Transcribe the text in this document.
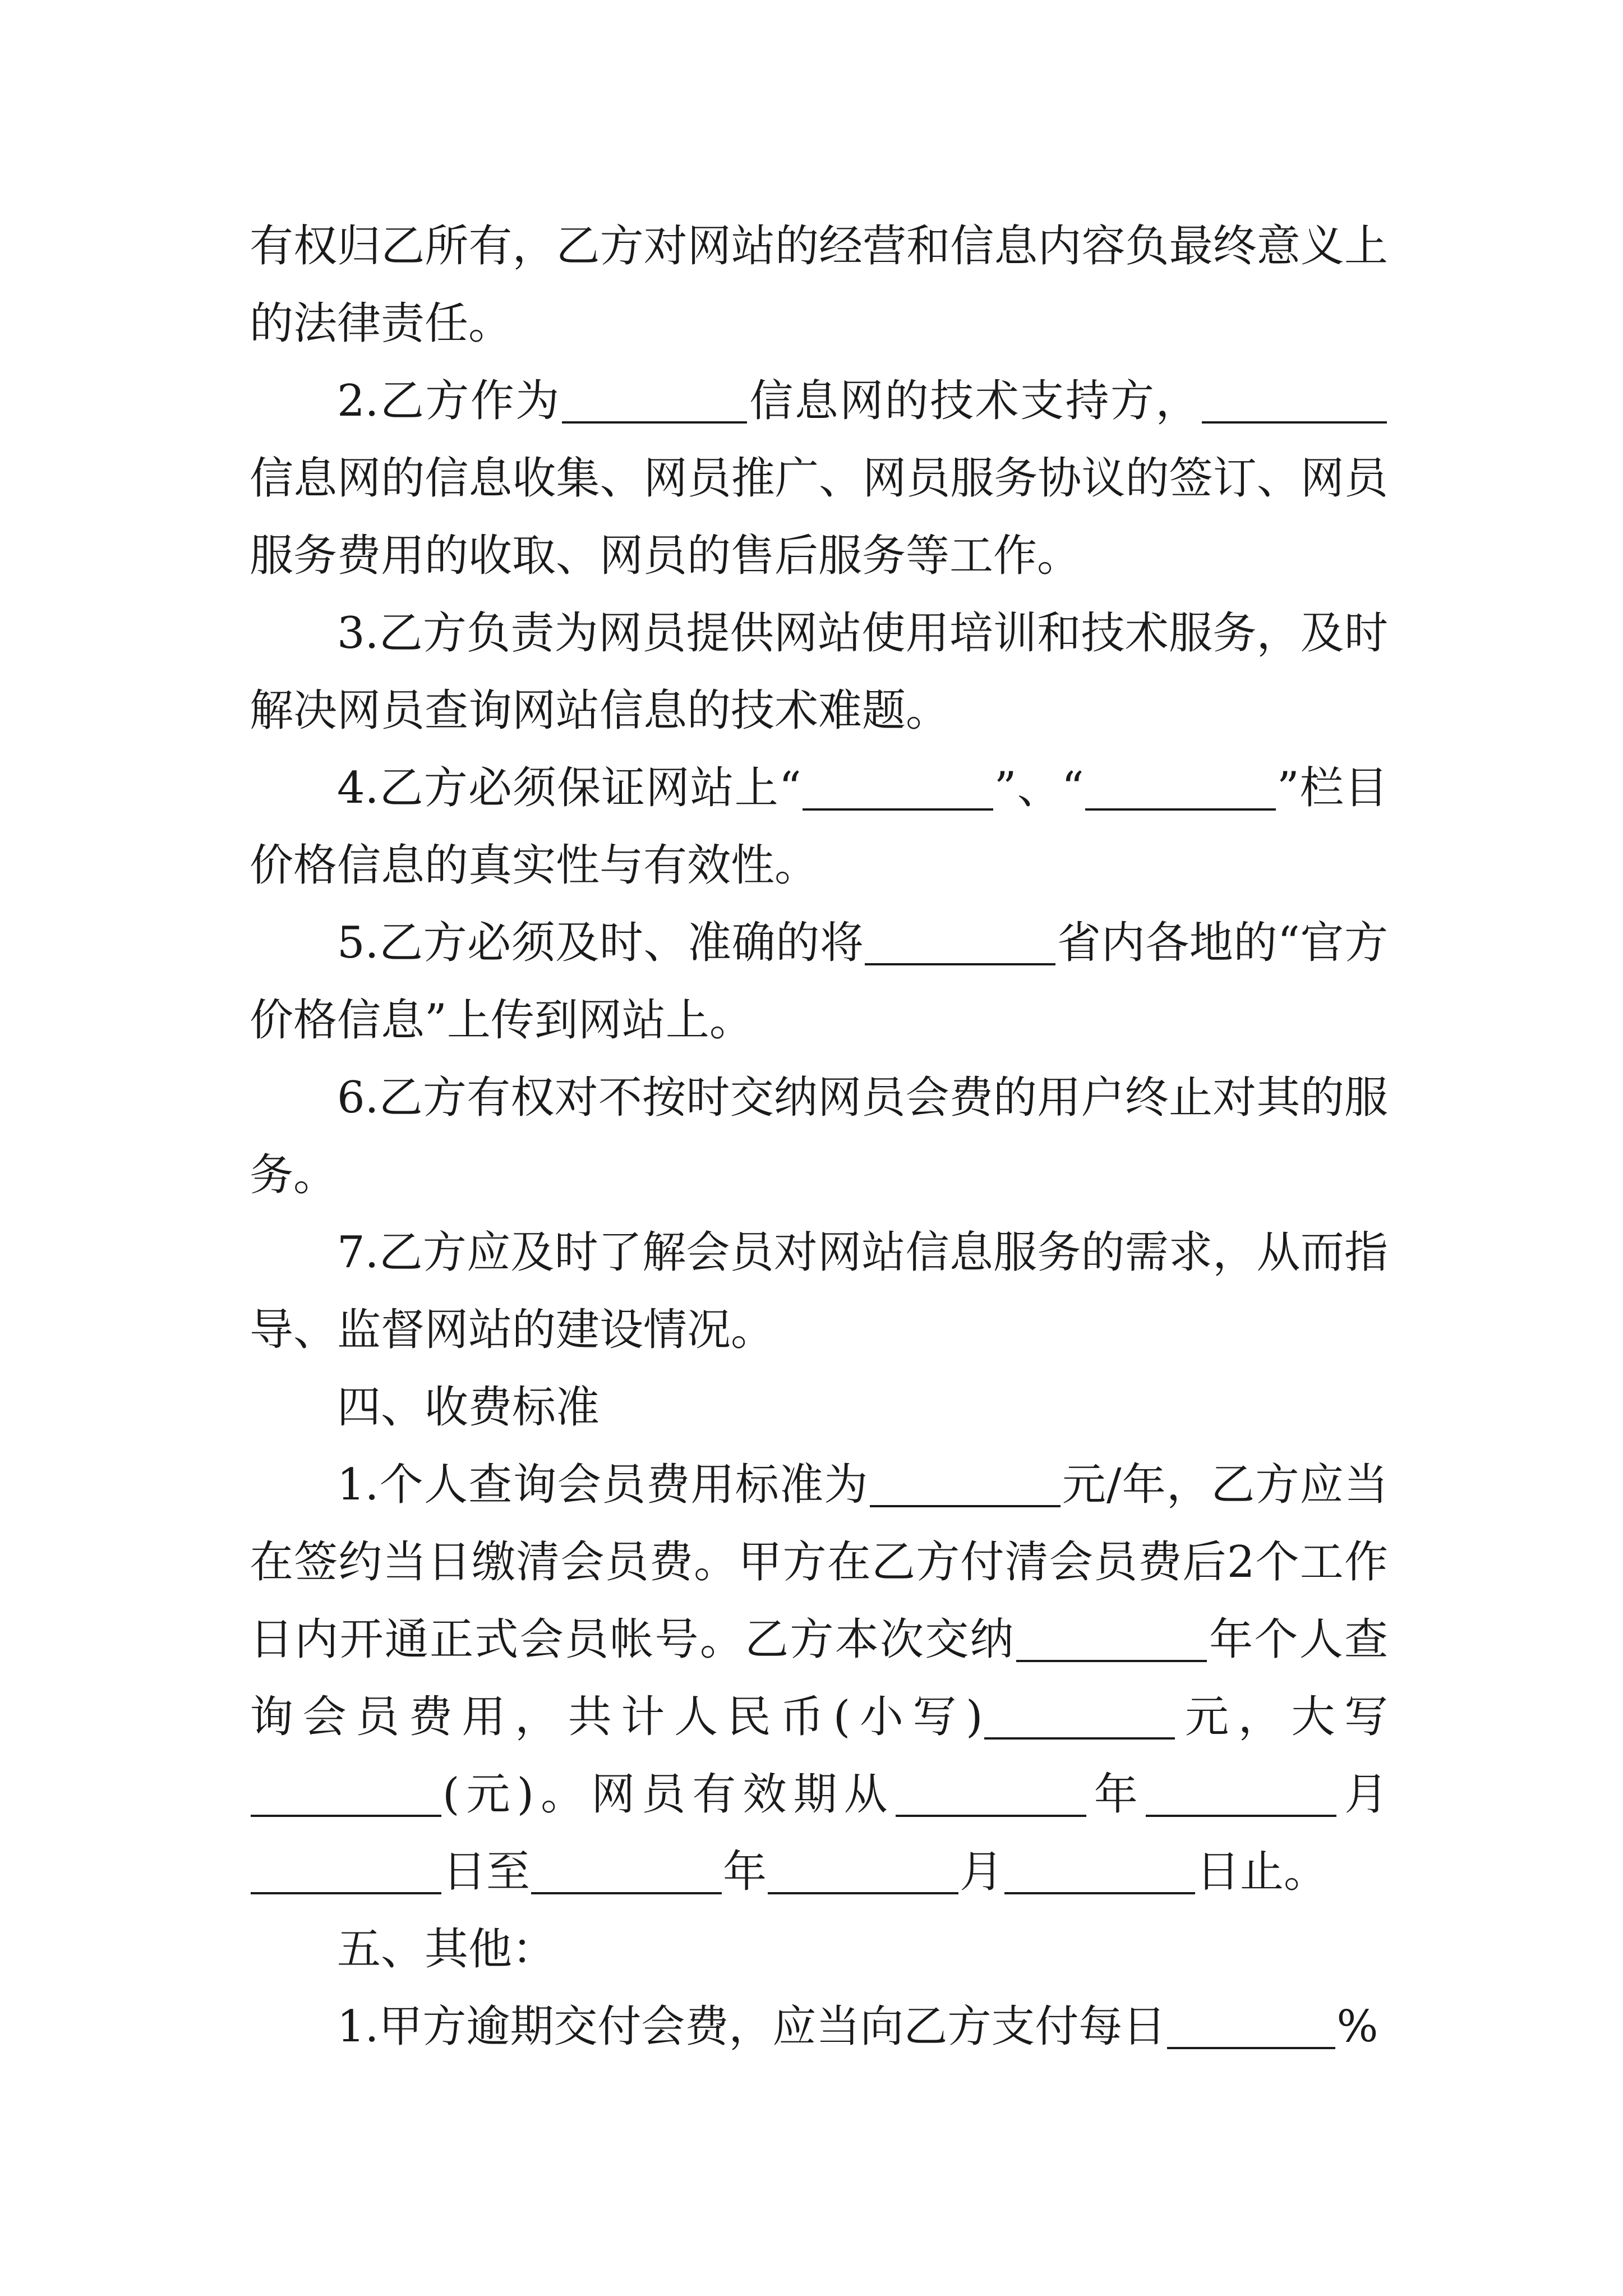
有权归乙所有，乙方对网站的经营和信息内容负最终意义上的法律责任。

2.乙方作为	信息网的技术支持方，信息网的信息收集、网员推广、网员服务协议的签订、网员服务费用的收取、网员的售后服务等工作。

3.乙方负责为网员提供网站使用培训和技术服务，及时解决网员查询网站信息的技术难题。

4.乙方必须保证网站上“	”、“	”栏目价格信息的真实性与有效性。

5.乙方必须及时、准确的将	省内各地的“官方价格信息”上传到网站上。

6.乙方有权对不按时交纳网员会费的用户终止对其的服务。

7.乙方应及时了解会员对网站信息服务的需求，从而指导、监督网站的建设情况。

四、收费标准

1.个人查询会员费用标准为	元/年，乙方应当在签约当日缴清会员费。甲方在乙方付清会员费后2个工作日内开通正式会员帐号。乙方本次交纳	年个人查询会员费用，共计人民币(小写)	元，大写(元)。网员有效期从	年	月日至	年	月	日止。

五、其他：

1.甲方逾期交付会费，应当向乙方支付每日	%
